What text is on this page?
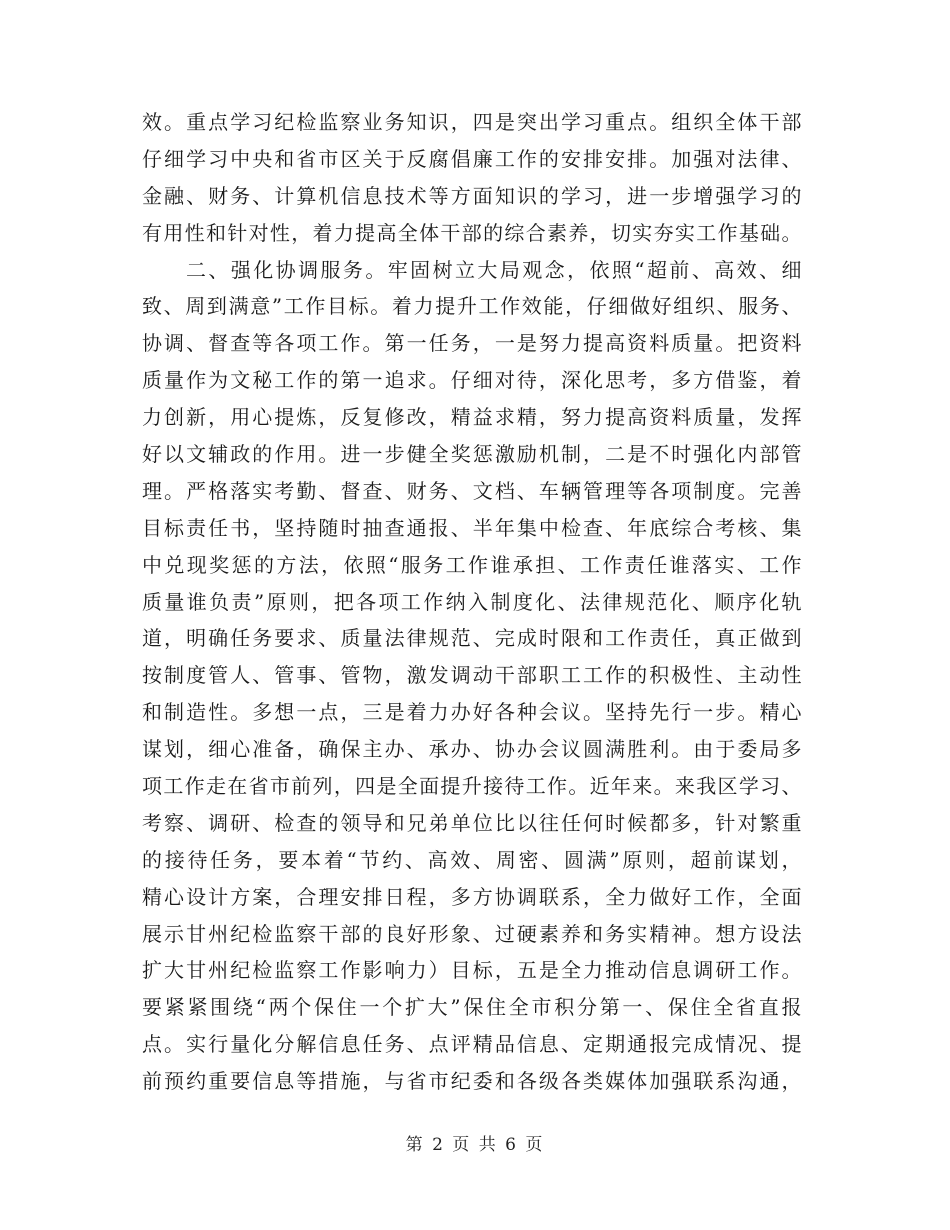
效。重点学习纪检监察业务知识，四是突出学习重点。组织全体干部
仔细学习中央和省市区关于反腐倡廉工作的安排安排。加强对法律、
金融、财务、计算机信息技术等方面知识的学习，进一步增强学习的
有用性和针对性，着力提高全体干部的综合素养，切实夯实工作基础。
二、强化协调服务。牢固树立大局观念，依照“超前、高效、细
致、周到满意”工作目标。着力提升工作效能，仔细做好组织、服务、
协调、督查等各项工作。第一任务，一是努力提高资料质量。把资料
质量作为文秘工作的第一追求。仔细对待，深化思考，多方借鉴，着
力创新，用心提炼，反复修改，精益求精，努力提高资料质量，发挥
好以文辅政的作用。进一步健全奖惩激励机制，二是不时强化内部管
理。严格落实考勤、督查、财务、文档、车辆管理等各项制度。完善
目标责任书，坚持随时抽查通报、半年集中检查、年底综合考核、集
中兑现奖惩的方法，依照“服务工作谁承担、工作责任谁落实、工作
质量谁负责”原则，把各项工作纳入制度化、法律规范化、顺序化轨
道，明确任务要求、质量法律规范、完成时限和工作责任，真正做到
按制度管人、管事、管物，激发调动干部职工工作的积极性、主动性
和制造性。多想一点，三是着力办好各种会议。坚持先行一步。精心
谋划，细心准备，确保主办、承办、协办会议圆满胜利。由于委局多
项工作走在省市前列，四是全面提升接待工作。近年来。来我区学习、
考察、调研、检查的领导和兄弟单位比以往任何时候都多，针对繁重
的接待任务，要本着“节约、高效、周密、圆满”原则，超前谋划，
精心设计方案，合理安排日程，多方协调联系，全力做好工作，全面
展示甘州纪检监察干部的良好形象、过硬素养和务实精神。想方设法
扩大甘州纪检监察工作影响力）目标，五是全力推动信息调研工作。
要紧紧围绕“两个保住一个扩大”保住全市积分第一、保住全省直报
点。实行量化分解信息任务、点评精品信息、定期通报完成情况、提
前预约重要信息等措施，与省市纪委和各级各类媒体加强联系沟通，
第 2 页 共 6 页
